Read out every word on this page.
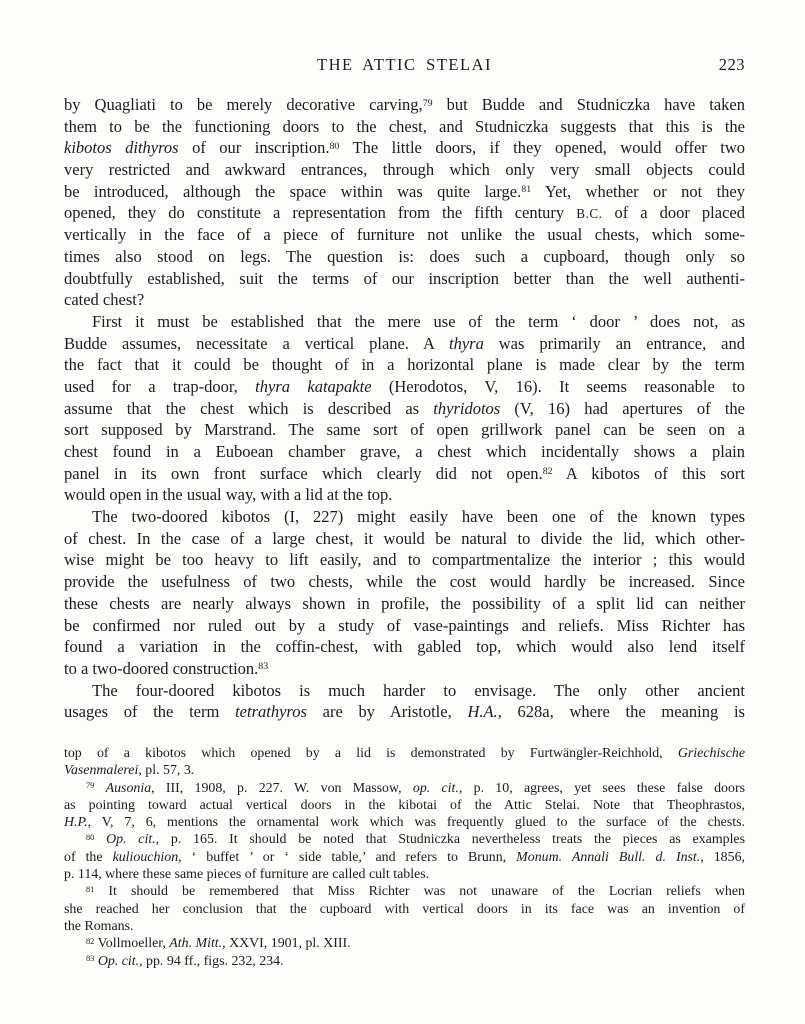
THE ATTIC STELAI	223
by Quagliati to be merely decorative carving,$^{79}$ but Budde and Studniczka have taken
them to be the functioning doors to the chest, and Studniczka suggests that this is the
kibotos dithyros of our inscription.$^{80}$ The little doors, if they opened, would offer two
very restricted and awkward entrances, through which only very small objects could
be introduced, although the space within was quite large.$^{81}$ Yet, whether or not they
opened, they do constitute a representation from the fifth century B.C. of a door placed
vertically in the face of a piece of furniture not unlike the usual chests, which some-
times also stood on legs. The question is: does such a cupboard, though only so
doubtfully established, suit the terms of our inscription better than the well authenti-
cated chest?
First it must be established that the mere use of the term ‘ door ’ does not, as
Budde assumes, necessitate a vertical plane. A thyra was primarily an entrance, and
the fact that it could be thought of in a horizontal plane is made clear by the term
used for a trap-door, thyra katapakte (Herodotos, V, 16). It seems reasonable to
assume that the chest which is described as thyridotos (V, 16) had apertures of the
sort supposed by Marstrand. The same sort of open grillwork panel can be seen on a
chest found in a Euboean chamber grave, a chest which incidentally shows a plain
panel in its own front surface which clearly did not open.$^{82}$ A kibotos of this sort
would open in the usual way, with a lid at the top.
The two-doored kibotos (I, 227) might easily have been one of the known types
of chest. In the case of a large chest, it would be natural to divide the lid, which other-
wise might be too heavy to lift easily, and to compartmentalize the interior ; this would
provide the usefulness of two chests, while the cost would hardly be increased. Since
these chests are nearly always shown in profile, the possibility of a split lid can neither
be confirmed nor ruled out by a study of vase-paintings and reliefs. Miss Richter has
found a variation in the coffin-chest, with gabled top, which would also lend itself
to a two-doored construction.$^{83}$
The four-doored kibotos is much harder to envisage. The only other ancient
usages of the term tetrathyros are by Aristotle, H.A., 628a, where the meaning is
top of a kibotos which opened by a lid is demonstrated by Furtwängler-Reichhold, Griechische
Vasenmalerei, pl. 57, 3.
$^{79}$ Ausonia, III, 1908, p. 227. W. von Massow, op. cit., p. 10, agrees, yet sees these false doors
as pointing toward actual vertical doors in the kibotai of the Attic Stelai. Note that Theophrastos,
H.P., V, 7, 6, mentions the ornamental work which was frequently glued to the surface of the chests.
$^{80}$ Op. cit., p. 165. It should be noted that Studniczka nevertheless treats the pieces as examples
of the kuliouchion, ‘ buffet ’ or ‘ side table,’ and refers to Brunn, Monum. Annali Bull. d. Inst., 1856,
p. 114, where these same pieces of furniture are called cult tables.
$^{81}$ It should be remembered that Miss Richter was not unaware of the Locrian reliefs when
she reached her conclusion that the cupboard with vertical doors in its face was an invention of
the Romans.
$^{82}$ Vollmoeller, Ath. Mitt., XXVI, 1901, pl. XIII.
$^{83}$ Op. cit., pp. 94 ff., figs. 232, 234.
